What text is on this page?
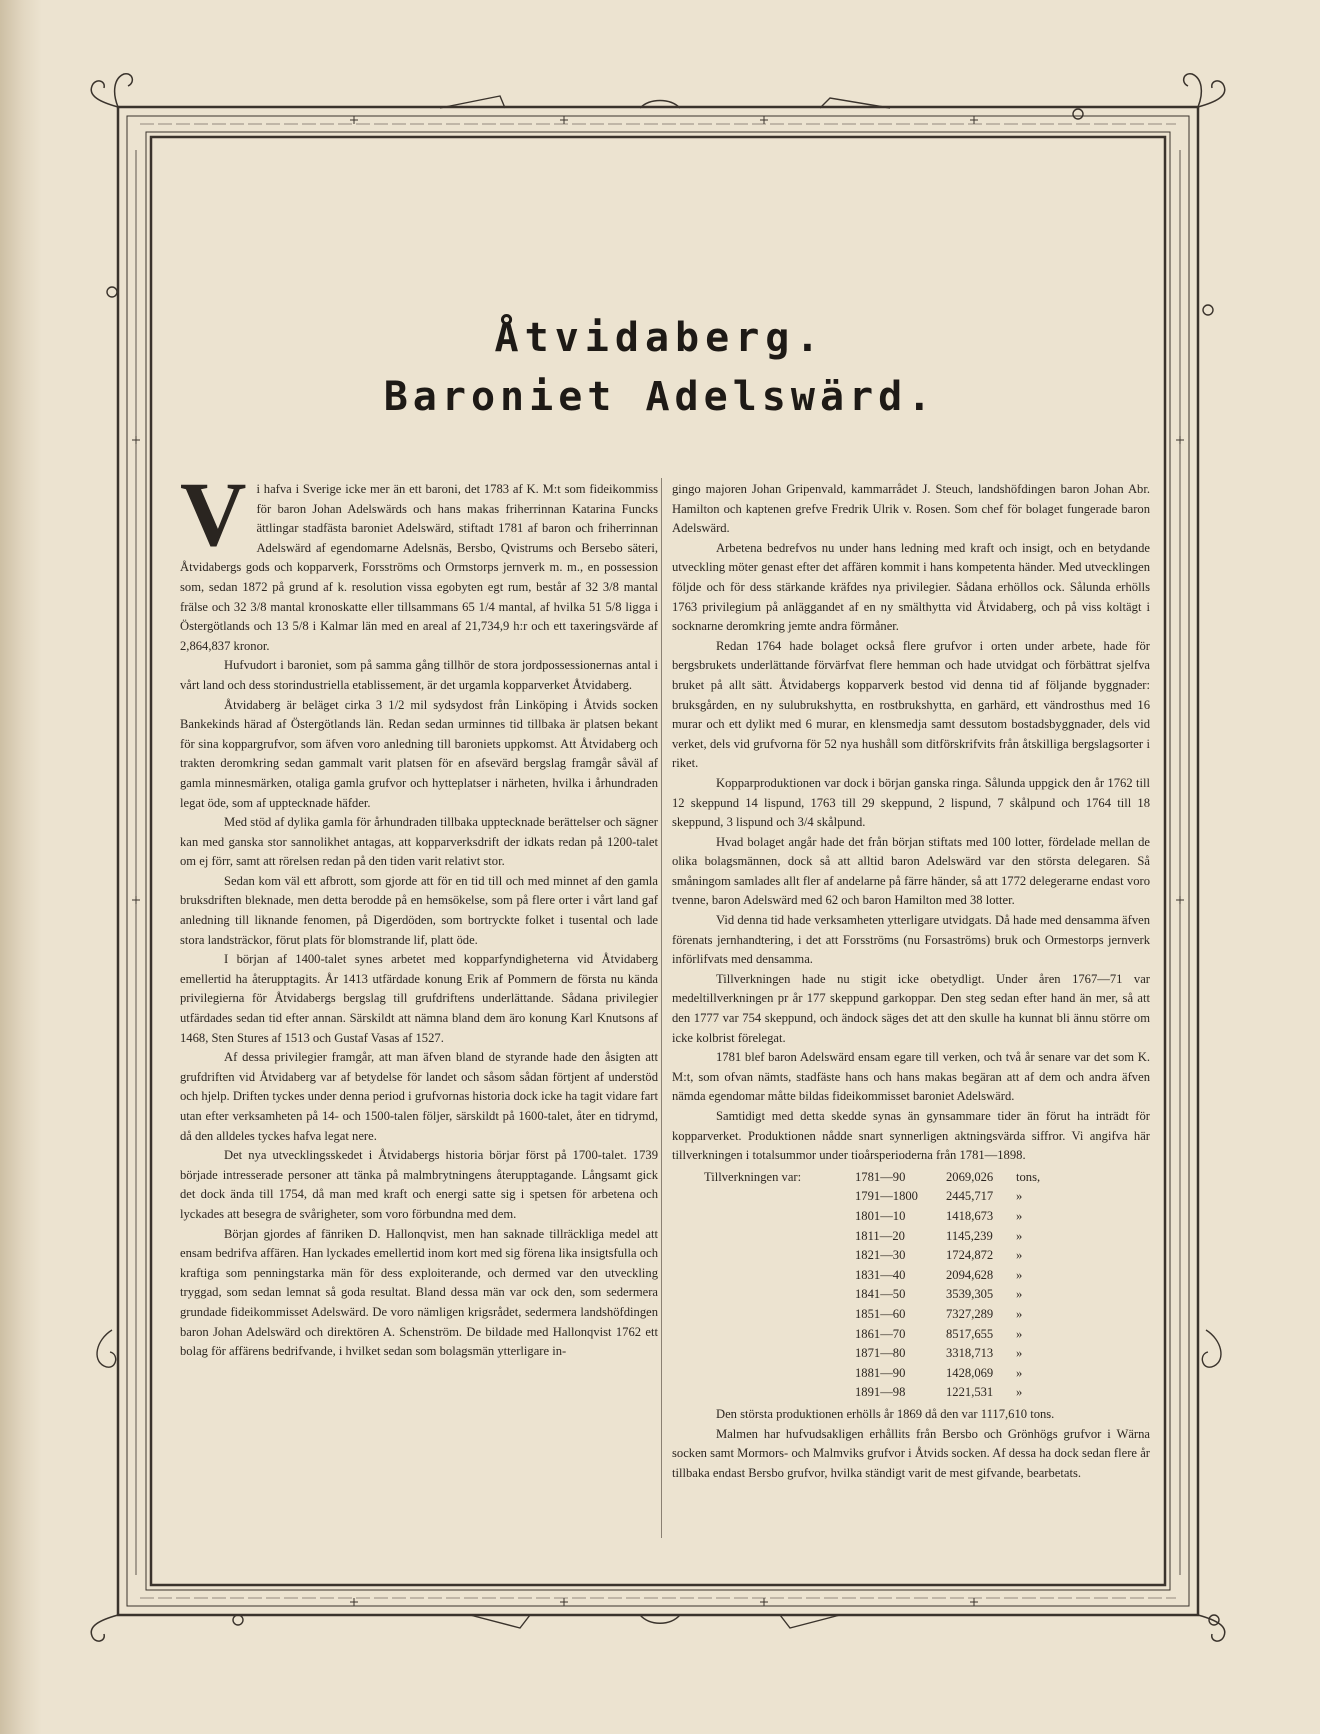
Åtvidaberg.
Baroniet Adelswärd.

Vi hafva i Sverige icke mer än ett baroni, det 1783 af K. M:t som fideikommiss för baron Johan Adelswärds och hans makas friherrinnan Katarina Funcks ättlingar stadfästa baroniet Adelswärd, stiftadt 1781 af baron och friherrinnan Adelswärd af egendomarne Adelsnäs, Bersbo, Qvistrums och Bersebo säteri, Åtvidabergs gods och kopparverk, Forsströms och Ormstorps jernverk m. m., en possession som, sedan 1872 på grund af k. resolution vissa egobyten egt rum, består af 32 3/8 mantal frälse och 32 3/8 mantal kronoskatte eller tillsammans 65 1/4 mantal, af hvilka 51 5/8 ligga i Östergötlands och 13 5/8 i Kalmar län med en areal af 21,734,9 h:r och ett taxeringsvärde af 2,864,837 kronor.

Hufvudort i baroniet, som på samma gång tillhör de stora jordpossessionernas antal i vårt land och dess storindustriella etablissement, är det urgamla kopparverket Åtvidaberg.

Åtvidaberg är beläget cirka 3 1/2 mil sydsydost från Linköping i Åtvids socken Bankekinds härad af Östergötlands län. Redan sedan urminnes tid tillbaka är platsen bekant för sina koppargrufvor, som äfven voro anledning till baroniets uppkomst. Att Åtvidaberg och trakten deromkring sedan gammalt varit platsen för en afsevärd bergslag framgår såväl af gamla minnesmärken, otaliga gamla grufvor och hytteplatser i närheten, hvilka i århundraden legat öde, som af upptecknade häfder.

Med stöd af dylika gamla för århundraden tillbaka upptecknade berättelser och sägner kan med ganska stor sannolikhet antagas, att kopparverksdrift der idkats redan på 1200-talet om ej förr, samt att rörelsen redan på den tiden varit relativt stor.

Sedan kom väl ett afbrott, som gjorde att för en tid till och med minnet af den gamla bruksdriften bleknade, men detta berodde på en hemsökelse, som på flere orter i vårt land gaf anledning till liknande fenomen, på Digerdöden, som bortryckte folket i tusental och lade stora landsträckor, förut plats för blomstrande lif, platt öde.

I början af 1400-talet synes arbetet med kopparfyndigheterna vid Åtvidaberg emellertid ha återupptagits. År 1413 utfärdade konung Erik af Pommern de första nu kända privilegierna för Åtvidabergs bergslag till grufdriftens underlättande. Sådana privilegier utfärdades sedan tid efter annan. Särskildt att nämna bland dem äro konung Karl Knutsons af 1468, Sten Stures af 1513 och Gustaf Vasas af 1527.

Af dessa privilegier framgår, att man äfven bland de styrande hade den åsigten att grufdriften vid Åtvidaberg var af betydelse för landet och såsom sådan förtjent af understöd och hjelp. Driften tyckes under denna period i grufvornas historia dock icke ha tagit vidare fart utan efter verksamheten på 14- och 1500-talen följer, särskildt på 1600-talet, åter en tidrymd, då den alldeles tyckes hafva legat nere.

Det nya utvecklingsskedet i Åtvidabergs historia börjar först på 1700-talet. 1739 började intresserade personer att tänka på malmbrytningens återupptagande. Långsamt gick det dock ända till 1754, då man med kraft och energi satte sig i spetsen för arbetena och lyckades att besegra de svårigheter, som voro förbundna med dem.

Början gjordes af fänriken D. Hallonqvist, men han saknade tillräckliga medel att ensam bedrifva affären. Han lyckades emellertid inom kort med sig förena lika insigtsfulla och kraftiga som penningstarka män för dess exploiterande, och dermed var den utveckling tryggad, som sedan lemnat så goda resultat. Bland dessa män var ock den, som sedermera grundade fideikommisset Adelswärd. De voro nämligen krigsrådet, sedermera landshöfdingen baron Johan Adelswärd och direktören A. Schenström. De bildade med Hallonqvist 1762 ett bolag för affärens bedrifvande, i hvilket sedan som bolagsmän ytterligare in-

gingo majoren Johan Gripenvald, kammarrådet J. Steuch, landshöfdingen baron Johan Abr. Hamilton och kaptenen grefve Fredrik Ulrik v. Rosen. Som chef för bolaget fungerade baron Adelswärd.

Arbetena bedrefvos nu under hans ledning med kraft och insigt, och en betydande utveckling möter genast efter det affären kommit i hans kompetenta händer. Med utvecklingen följde och för dess stärkande kräfdes nya privilegier. Sådana erhöllos ock. Sålunda erhölls 1763 privilegium på anläggandet af en ny smälthytta vid Åtvidaberg, och på viss koltägt i socknarne deromkring jemte andra förmåner.

Redan 1764 hade bolaget också flere grufvor i orten under arbete, hade för bergsbrukets underlättande förvärfvat flere hemman och hade utvidgat och förbättrat sjelfva bruket på allt sätt. Åtvidabergs kopparverk bestod vid denna tid af följande byggnader: bruksgården, en ny sulubrukshytta, en rostbrukshytta, en garhärd, ett vändrosthus med 16 murar och ett dylikt med 6 murar, en klensmedja samt dessutom bostadsbyggnader, dels vid verket, dels vid grufvorna för 52 nya hushåll som ditförskrifvits från åtskilliga bergslagsorter i riket.

Kopparproduktionen var dock i början ganska ringa. Sålunda uppgick den år 1762 till 12 skeppund 14 lispund, 1763 till 29 skeppund, 2 lispund, 7 skålpund och 1764 till 18 skeppund, 3 lispund och 3/4 skålpund.

Hvad bolaget angår hade det från början stiftats med 100 lotter, fördelade mellan de olika bolagsmännen, dock så att alltid baron Adelswärd var den största delegaren. Så småningom samlades allt fler af andelarne på färre händer, så att 1772 delegerarne endast voro tvenne, baron Adelswärd med 62 och baron Hamilton med 38 lotter.

Vid denna tid hade verksamheten ytterligare utvidgats. Då hade med densamma äfven förenats jernhandtering, i det att Forsströms (nu Forsaströms) bruk och Ormestorps jernverk införlifvats med densamma.

Tillverkningen hade nu stigit icke obetydligt. Under åren 1767—71 var medeltillverkningen pr år 177 skeppund garkoppar. Den steg sedan efter hand än mer, så att den 1777 var 754 skeppund, och ändock säges det att den skulle ha kunnat bli ännu större om icke kolbrist förelegat.

1781 blef baron Adelswärd ensam egare till verken, och två år senare var det som K. M:t, som ofvan nämts, stadfäste hans och hans makas begäran att af dem och andra äfven nämda egendomar måtte bildas fideikommisset baroniet Adelswärd.

Samtidigt med detta skedde synas än gynsammare tider än förut ha inträdt för kopparverket. Produktionen nådde snart synnerligen aktningsvärda siffror. Vi angifva här tillverkningen i totalsummor under tioårsperioderna från 1781—1898.

Tillverkningen var:	1781—90	2069,026	tons,
	1791—1800	2445,717	»
	1801—10	1418,673	»
	1811—20	1145,239	»
	1821—30	1724,872	»
	1831—40	2094,628	»
	1841—50	3539,305	»
	1851—60	7327,289	»
	1861—70	8517,655	»
	1871—80	3318,713	»
	1881—90	1428,069	»
	1891—98	1221,531	»

Den största produktionen erhölls år 1869 då den var 1117,610 tons.

Malmen har hufvudsakligen erhållits från Bersbo och Grönhögs grufvor i Wärna socken samt Mormors- och Malmviks grufvor i Åtvids socken. Af dessa ha dock sedan flere år tillbaka endast Bersbo grufvor, hvilka ständigt varit de mest gifvande, bearbetats.
